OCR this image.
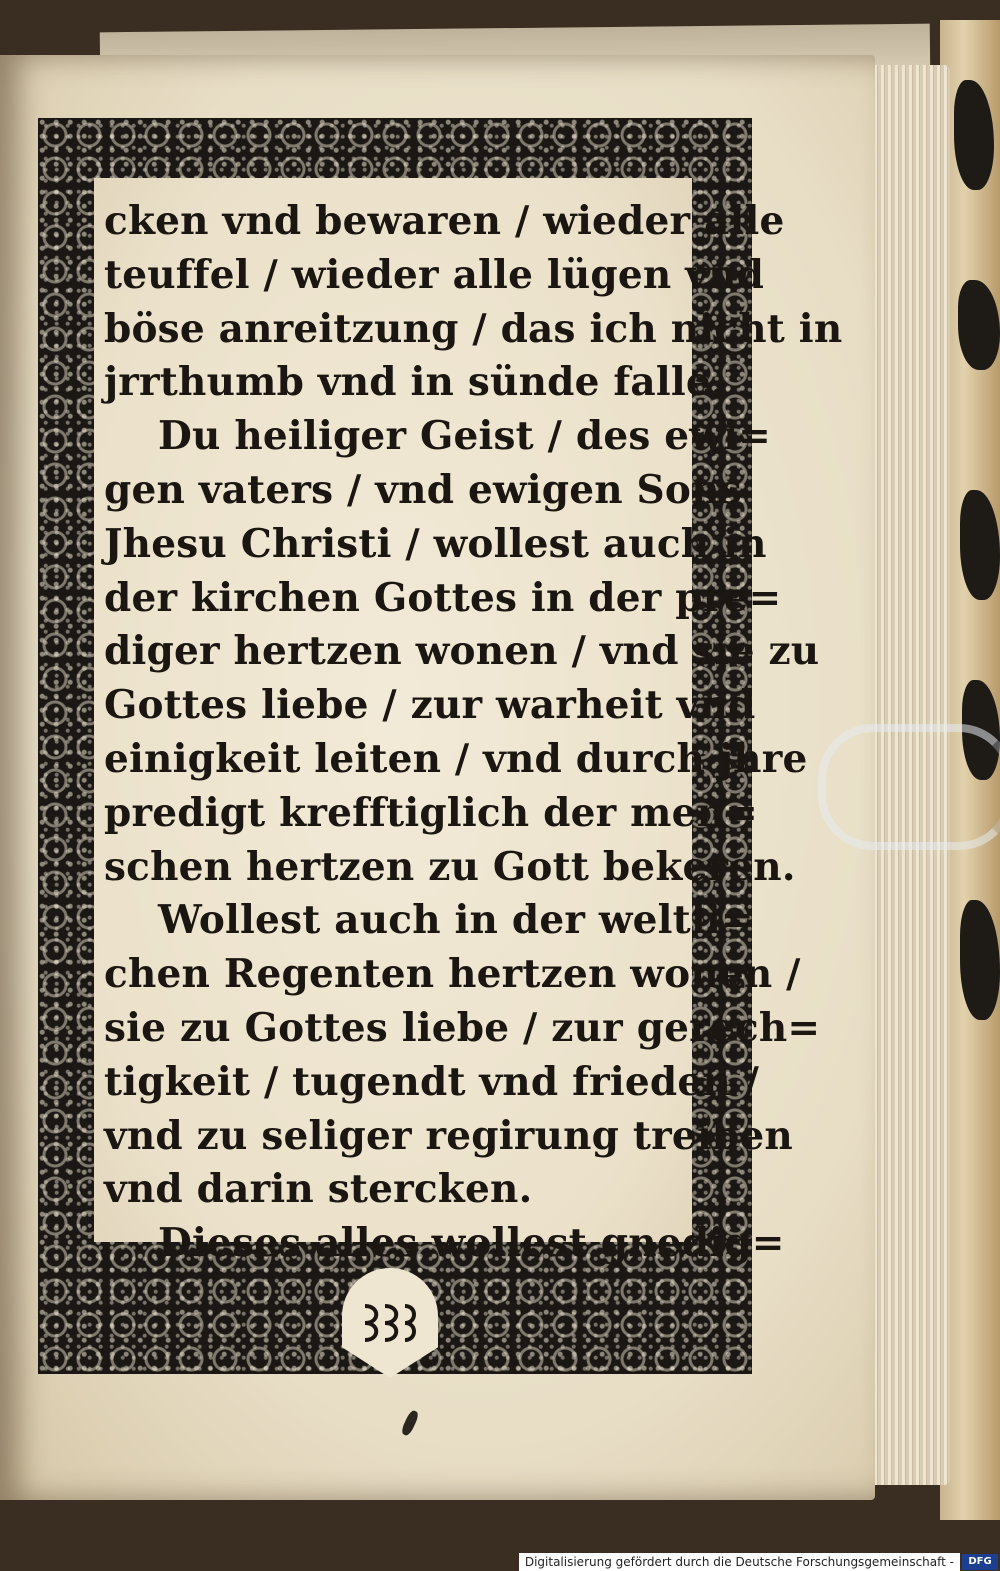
cken vnd bewaren / wieder alle
teuffel / wieder alle lügen vnd
böse anreitzung / das ich nicht in
jrrthumb vnd in sünde falle.
Du heiliger Geist / des ewi=
gen vaters / vnd ewigen Sons
Jhesu Christi / wollest auch in
der kirchen Gottes in der pre=
diger hertzen wonen / vnd sie zu
Gottes liebe / zur warheit vnd
einigkeit leiten / vnd durch jhre
predigt krefftiglich der men=
schen hertzen zu Gott bekeren.
Wollest auch in der weltli=
chen Regenten hertzen wonen /
sie zu Gottes liebe / zur gerech=
tigkeit / tugendt vnd frieden /
vnd zu seliger regirung treiben
vnd darin stercken.
Dieses alles wollest gnedig=
Digitalisierung gefördert durch die Deutsche Forschungsgemeinschaft -	DFG
